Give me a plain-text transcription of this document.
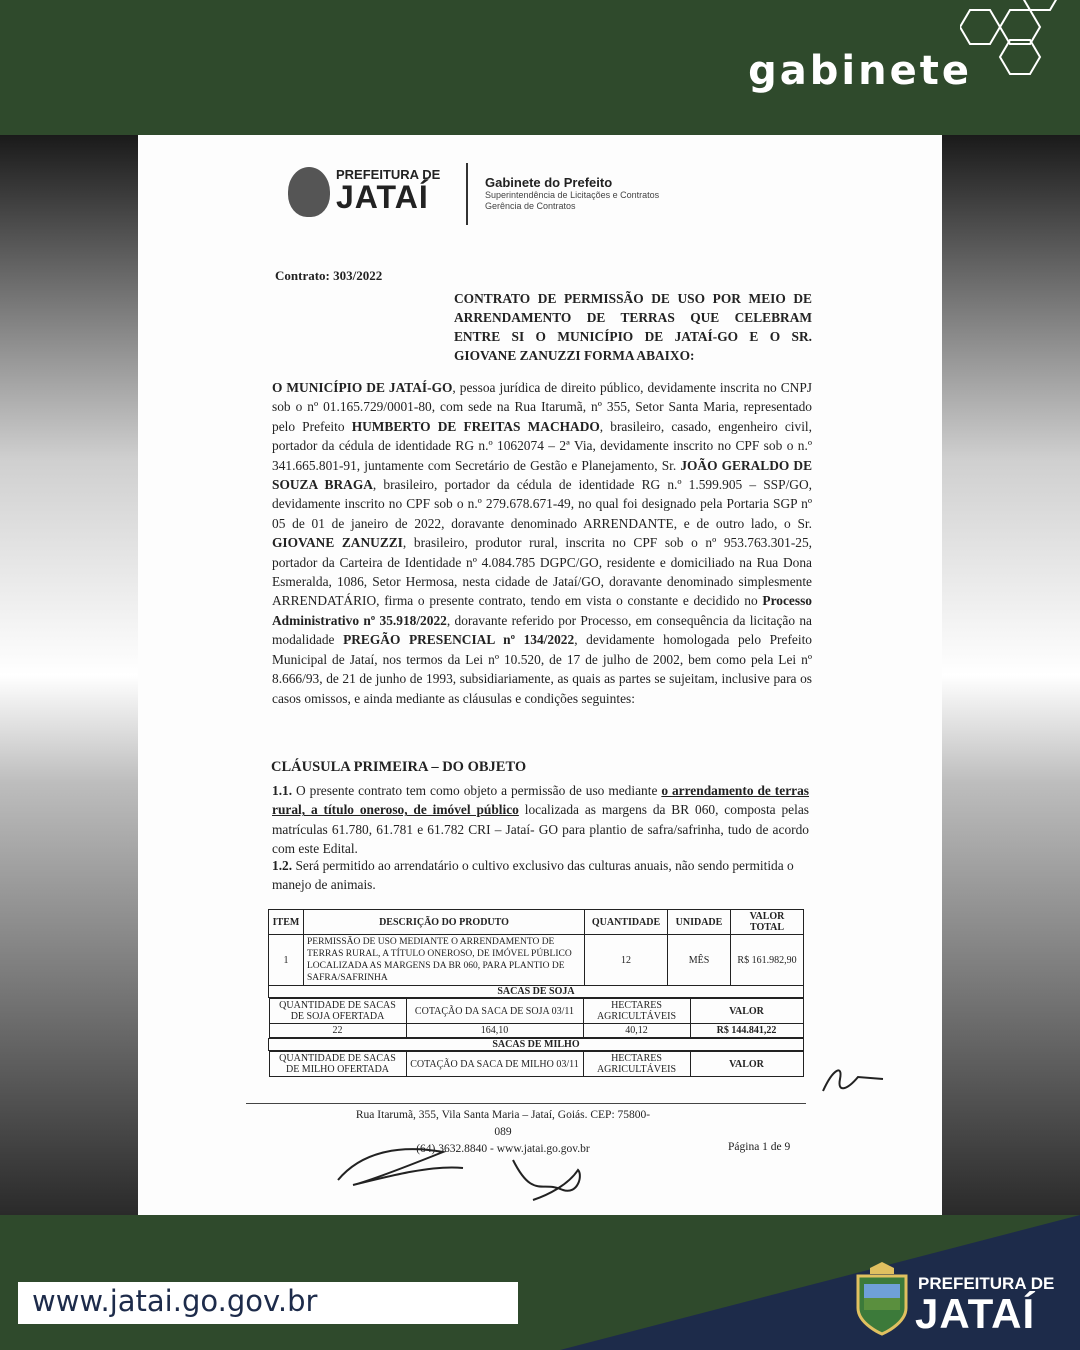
gabinete
PREFEITURA DE
JATAÍ	Gabinete do Prefeito
Superintendência de Licitações e Contratos
Gerência de Contratos
Contrato: 303/2022
CONTRATO DE PERMISSÃO DE USO POR MEIO DE ARRENDAMENTO DE TERRAS QUE CELEBRAM ENTRE SI O MUNICÍPIO DE JATAÍ-GO E O SR. GIOVANE ZANUZZI FORMA ABAIXO:
O MUNICÍPIO DE JATAÍ-GO, pessoa jurídica de direito público, devidamente inscrita no CNPJ sob o nº 01.165.729/0001-80, com sede na Rua Itarumã, nº 355, Setor Santa Maria, representado pelo Prefeito HUMBERTO DE FREITAS MACHADO, brasileiro, casado, engenheiro civil, portador da cédula de identidade RG n.º 1062074 – 2ª Via, devidamente inscrito no CPF sob o n.º 341.665.801-91, juntamente com Secretário de Gestão e Planejamento, Sr. JOÃO GERALDO DE SOUZA BRAGA, brasileiro, portador da cédula de identidade RG n.º 1.599.905 – SSP/GO, devidamente inscrito no CPF sob o n.º 279.678.671-49, no qual foi designado pela Portaria SGP nº 05 de 01 de janeiro de 2022, doravante denominado ARRENDANTE, e de outro lado, o Sr. GIOVANE ZANUZZI, brasileiro, produtor rural, inscrita no CPF sob o nº 953.763.301-25, portador da Carteira de Identidade nº 4.084.785 DGPC/GO, residente e domiciliado na Rua Dona Esmeralda, 1086, Setor Hermosa, nesta cidade de Jataí/GO, doravante denominado simplesmente ARRENDATÁRIO, firma o presente contrato, tendo em vista o constante e decidido no Processo Administrativo nº 35.918/2022, doravante referido por Processo, em consequência da licitação na modalidade PREGÃO PRESENCIAL nº 134/2022, devidamente homologada pelo Prefeito Municipal de Jataí, nos termos da Lei nº 10.520, de 17 de julho de 2002, bem como pela Lei nº 8.666/93, de 21 de junho de 1993, subsidiariamente, as quais as partes se sujeitam, inclusive para os casos omissos, e ainda mediante as cláusulas e condições seguintes:
CLÁUSULA PRIMEIRA – DO OBJETO
1.1. O presente contrato tem como objeto a permissão de uso mediante o arrendamento de terras rural, a título oneroso, de imóvel público localizada as margens da BR 060, composta pelas matrículas 61.780, 61.781 e 61.782 CRI – Jataí- GO para plantio de safra/safrinha, tudo de acordo com este Edital.
1.2. Será permitido ao arrendatário o cultivo exclusivo das culturas anuais, não sendo permitida o manejo de animais.
ITEM	DESCRIÇÃO DO PRODUTO	QUANTIDADE	UNIDADE	VALOR TOTAL
1	PERMISSÃO DE USO MEDIANTE O ARRENDAMENTO DE TERRAS RURAL, A TÍTULO ONEROSO, DE IMÓVEL PÚBLICO LOCALIZADA AS MARGENS DA BR 060, PARA PLANTIO DE SAFRA/SAFRINHA	12	MÊS	R$ 161.982,90
SACAS DE SOJA

QUANTIDADE DE SACAS DE SOJA OFERTADA	COTAÇÃO DA SACA DE SOJA 03/11	HECTARES AGRICULTÁVEIS	VALOR
22	164,10	40,12	R$ 144.841,22

SACAS DE MILHO

QUANTIDADE DE SACAS DE MILHO OFERTADA	COTAÇÃO DA SACA DE MILHO 03/11	HECTARES AGRICULTÁVEIS	VALOR
Rua Itarumã, 355, Vila Santa Maria – Jataí, Goiás. CEP: 75800-089
(64) 3632.8840 - www.jatai.go.gov.br	Página 1 de 9
www.jatai.go.gov.br
PREFEITURA DE
JATAÍ
